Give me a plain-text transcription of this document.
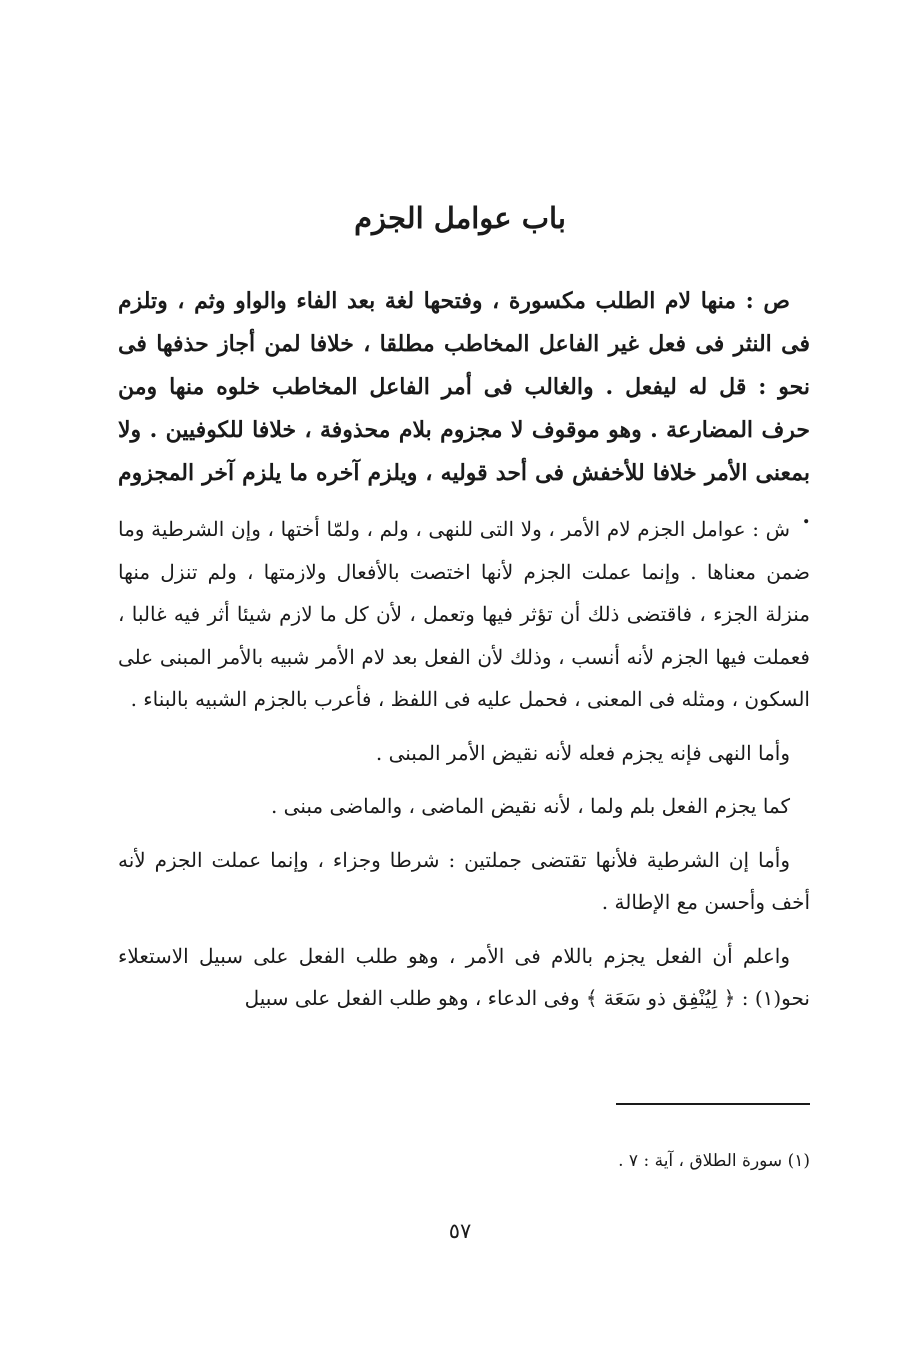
باب عوامل الجزم

ص : منها لام الطلب مكسورة ، وفتحها لغة بعد الفاء والواو وثم ، وتلزم فى النثر فى فعل غير الفاعل المخاطب مطلقا ، خلافا لمن أجاز حذفها فى نحو : قل له ليفعل . والغالب فى أمر الفاعل المخاطب خلوه منها ومن حرف المضارعة . وهو موقوف لا مجزوم بلام محذوفة ، خلافا للكوفيين . ولا بمعنى الأمر خلافا للأخفش فى أحد قوليه ، ويلزم آخره ما يلزم آخر المجزوم .

ش : عوامل الجزم لام الأمر ، ولا التى للنهى ، ولم ، ولمّا أختها ، وإن الشرطية وما ضمن معناها . وإنما عملت الجزم لأنها اختصت بالأفعال ولازمتها ، ولم تنزل منها منزلة الجزء ، فاقتضى ذلك أن تؤثر فيها وتعمل ، لأن كل ما لازم شيئا أثر فيه غالبا ، فعملت فيها الجزم لأنه أنسب ، وذلك لأن الفعل بعد لام الأمر شبيه بالأمر المبنى على السكون ، ومثله فى المعنى ، فحمل عليه فى اللفظ ، فأعرب بالجزم الشبيه بالبناء .

وأما النهى فإنه يجزم فعله لأنه نقيض الأمر المبنى .

كما يجزم الفعل بلم ولما ، لأنه نقيض الماضى ، والماضى مبنى .

وأما إن الشرطية فلأنها تقتضى جملتين : شرطا وجزاء ، وإنما عملت الجزم لأنه أخف وأحسن مع الإطالة .

واعلم أن الفعل يجزم باللام فى الأمر ، وهو طلب الفعل على سبيل الاستعلاء نحو(١) : ﴿ لِيُنْفِق ذو سَعَة ﴾ وفى الدعاء ، وهو طلب الفعل على سبيل

(١) سورة الطلاق ، آية : ٧ .
٥٧
